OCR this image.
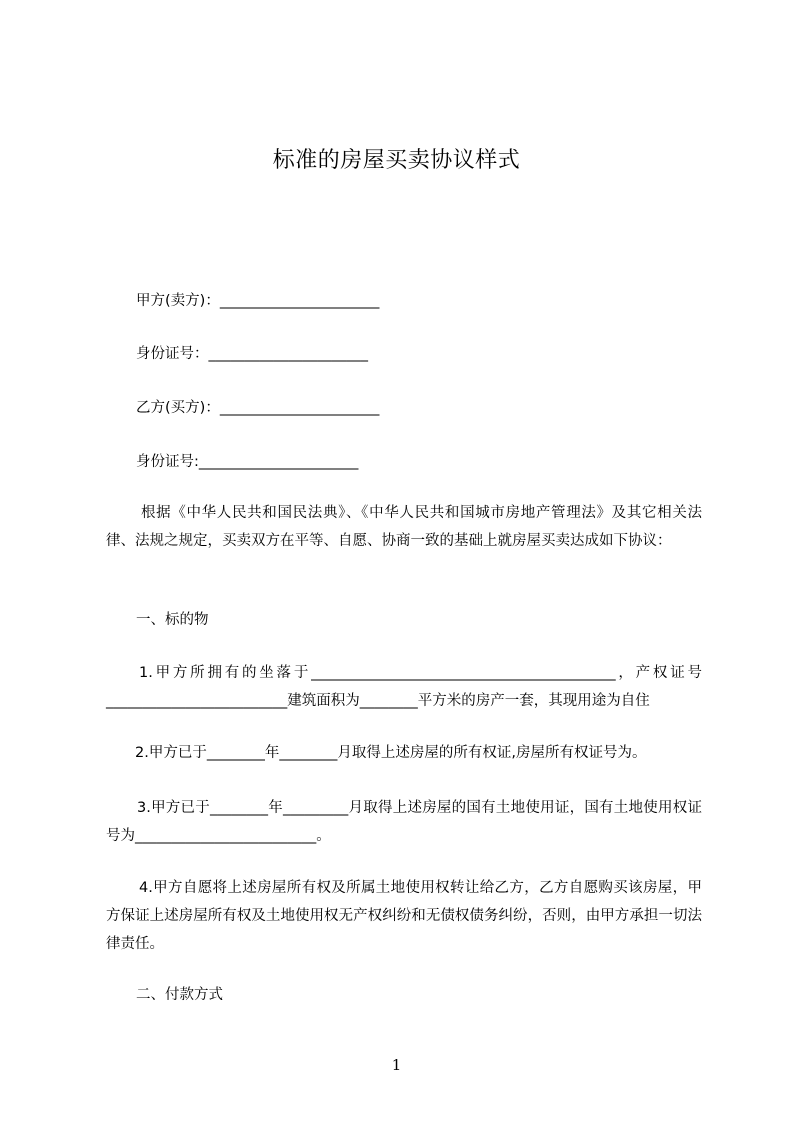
标准的房屋买卖协议样式
甲方(卖方)：______________________
身份证号：______________________
乙方(买方)：______________________
身份证号:______________________
根据《中华人民共和国民法典》、《中华人民共和国城市房地产管理法》及其它相关法律、法规之规定，买卖双方在平等、自愿、协商一致的基础上就房屋买卖达成如下协议：
一、标的物
1.甲方所拥有的坐落于__________________________________________，产权证号_________________________建筑面积为________平方米的房产一套，其现用途为自住
2.甲方已于________年________月取得上述房屋的所有权证,房屋所有权证号为。
3.甲方已于________年_________月取得上述房屋的国有土地使用证，国有土地使用权证号为_________________________。
4.甲方自愿将上述房屋所有权及所属土地使用权转让给乙方，乙方自愿购买该房屋，甲方保证上述房屋所有权及土地使用权无产权纠纷和无债权债务纠纷，否则，由甲方承担一切法律责任。
二、付款方式
1
